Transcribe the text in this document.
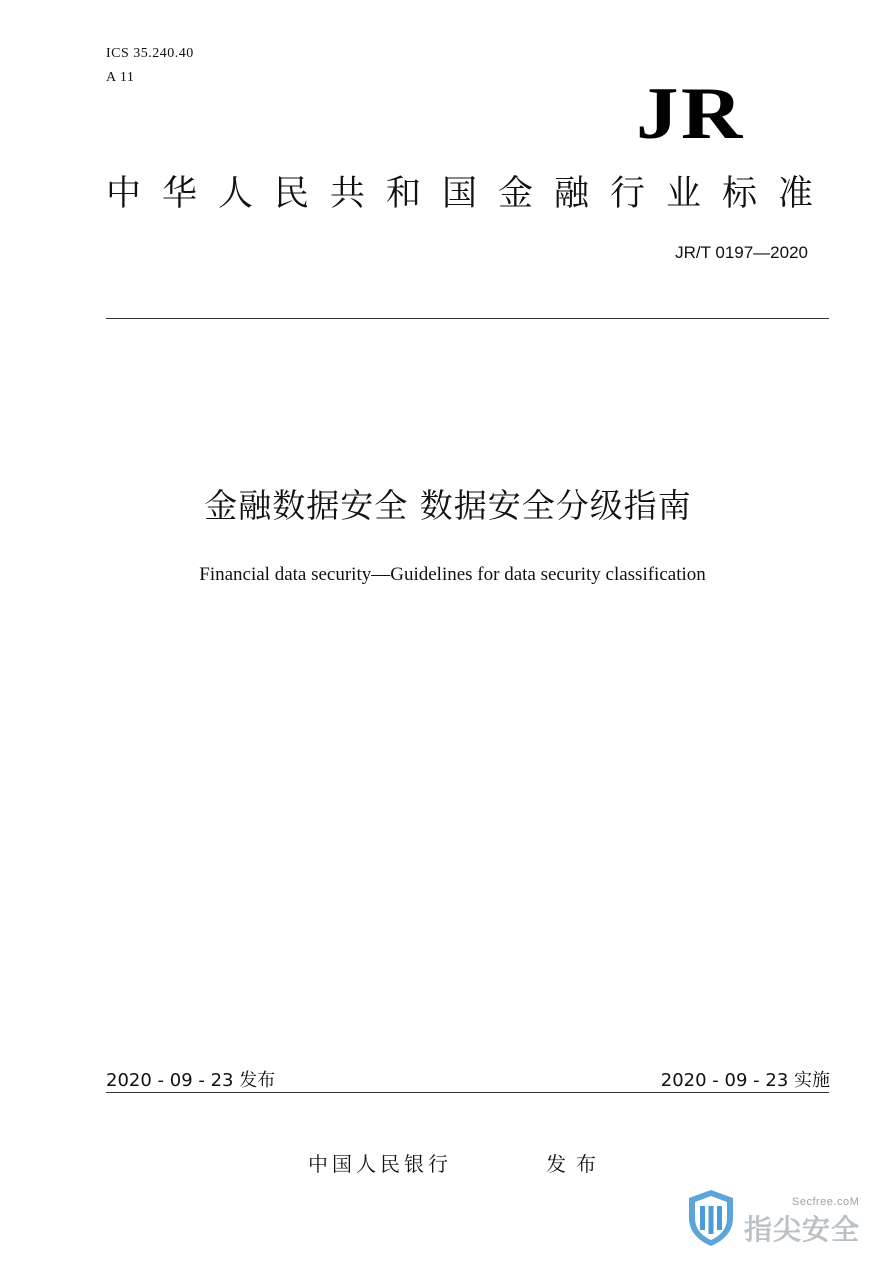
ICS 35.240.40
A 11	JR
中华人民共和国金融行业标准
JR/T 0197—2020
金融数据安全 数据安全分级指南
Financial data security—Guidelines for data security classification
2020 - 09 - 23 发布	2020 - 09 - 23 实施
中国人民银行	发布
Secfree.coM
指尖安全
